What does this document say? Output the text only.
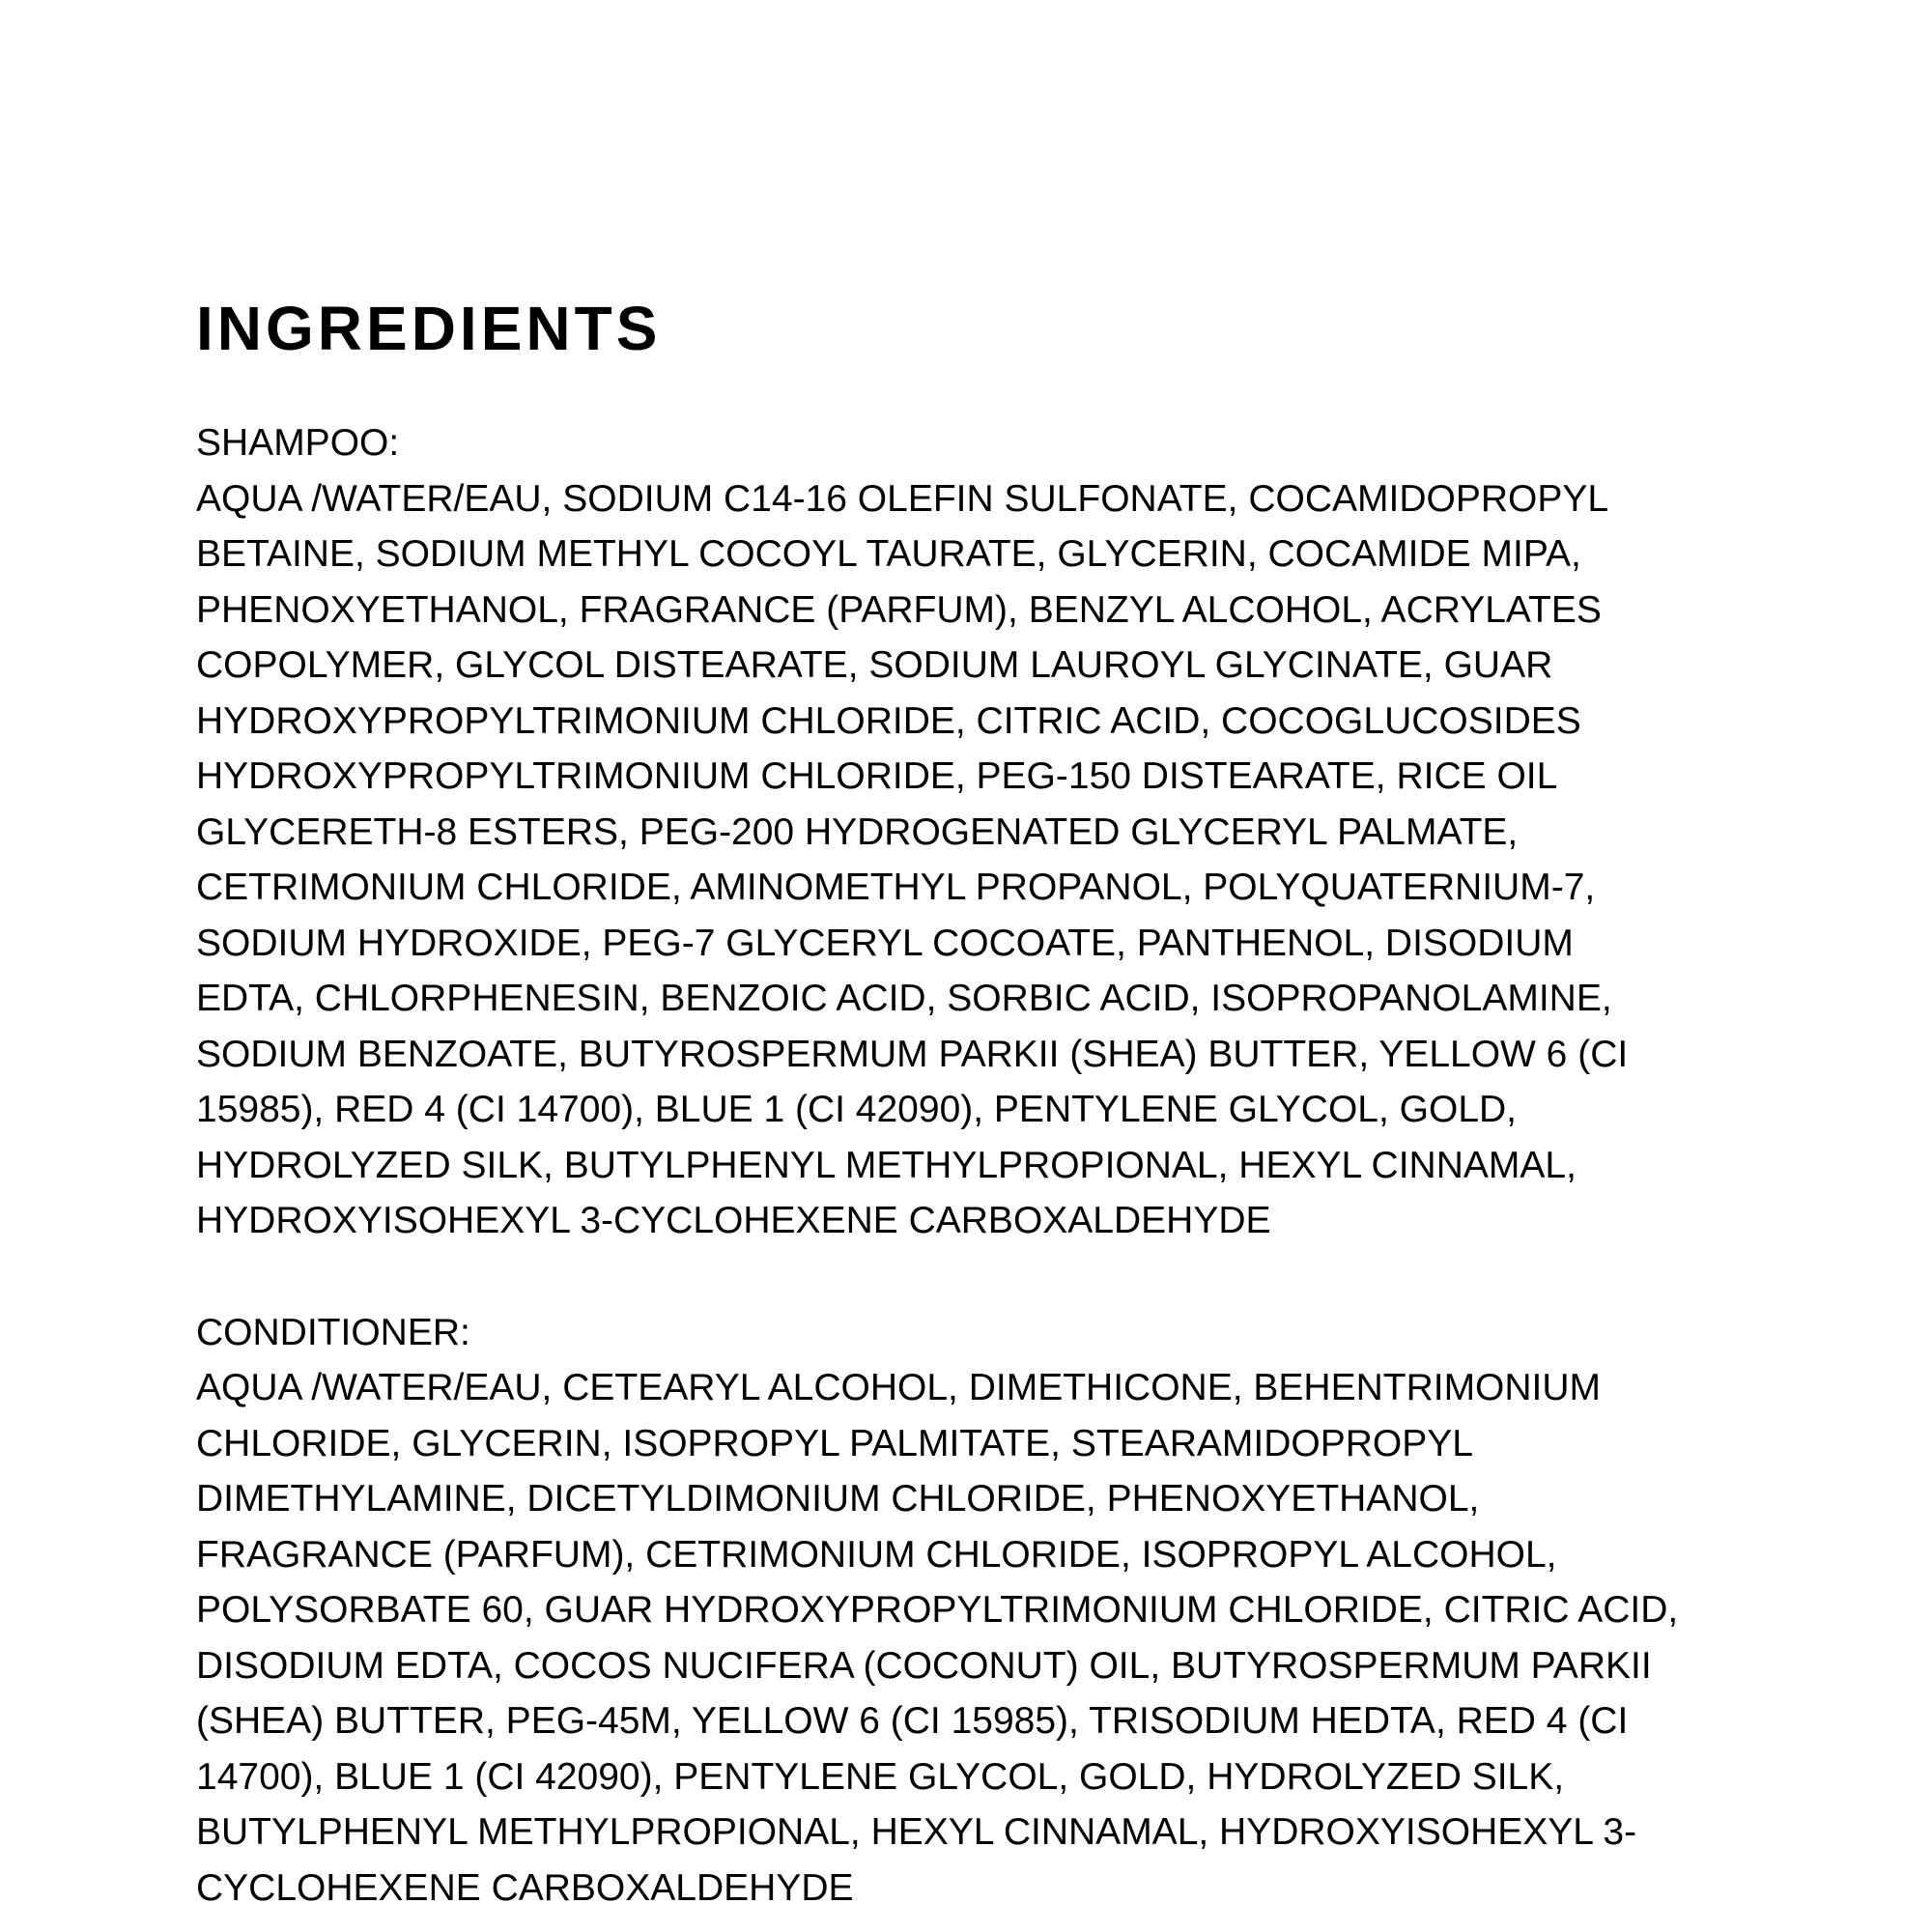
INGREDIENTS
SHAMPOO:
AQUA /WATER/EAU, SODIUM C14-16 OLEFIN SULFONATE, COCAMIDOPROPYL
BETAINE, SODIUM METHYL COCOYL TAURATE, GLYCERIN, COCAMIDE MIPA,
PHENOXYETHANOL, FRAGRANCE (PARFUM), BENZYL ALCOHOL, ACRYLATES
COPOLYMER, GLYCOL DISTEARATE, SODIUM LAUROYL GLYCINATE, GUAR
HYDROXYPROPYLTRIMONIUM CHLORIDE, CITRIC ACID, COCOGLUCOSIDES
HYDROXYPROPYLTRIMONIUM CHLORIDE, PEG-150 DISTEARATE, RICE OIL
GLYCERETH-8 ESTERS, PEG-200 HYDROGENATED GLYCERYL PALMATE,
CETRIMONIUM CHLORIDE, AMINOMETHYL PROPANOL, POLYQUATERNIUM-7,
SODIUM HYDROXIDE, PEG-7 GLYCERYL COCOATE, PANTHENOL, DISODIUM
EDTA, CHLORPHENESIN, BENZOIC ACID, SORBIC ACID, ISOPROPANOLAMINE,
SODIUM BENZOATE, BUTYROSPERMUM PARKII (SHEA) BUTTER, YELLOW 6 (CI
15985), RED 4 (CI 14700), BLUE 1 (CI 42090), PENTYLENE GLYCOL, GOLD,
HYDROLYZED SILK, BUTYLPHENYL METHYLPROPIONAL, HEXYL CINNAMAL,
HYDROXYISOHEXYL 3-CYCLOHEXENE CARBOXALDEHYDE
CONDITIONER:
AQUA /WATER/EAU, CETEARYL ALCOHOL, DIMETHICONE, BEHENTRIMONIUM
CHLORIDE, GLYCERIN, ISOPROPYL PALMITATE, STEARAMIDOPROPYL
DIMETHYLAMINE, DICETYLDIMONIUM CHLORIDE, PHENOXYETHANOL,
FRAGRANCE (PARFUM), CETRIMONIUM CHLORIDE, ISOPROPYL ALCOHOL,
POLYSORBATE 60, GUAR HYDROXYPROPYLTRIMONIUM CHLORIDE, CITRIC ACID,
DISODIUM EDTA, COCOS NUCIFERA (COCONUT) OIL, BUTYROSPERMUM PARKII
(SHEA) BUTTER, PEG-45M, YELLOW 6 (CI 15985), TRISODIUM HEDTA, RED 4 (CI
14700), BLUE 1 (CI 42090), PENTYLENE GLYCOL, GOLD, HYDROLYZED SILK,
BUTYLPHENYL METHYLPROPIONAL, HEXYL CINNAMAL, HYDROXYISOHEXYL 3-
CYCLOHEXENE CARBOXALDEHYDE
